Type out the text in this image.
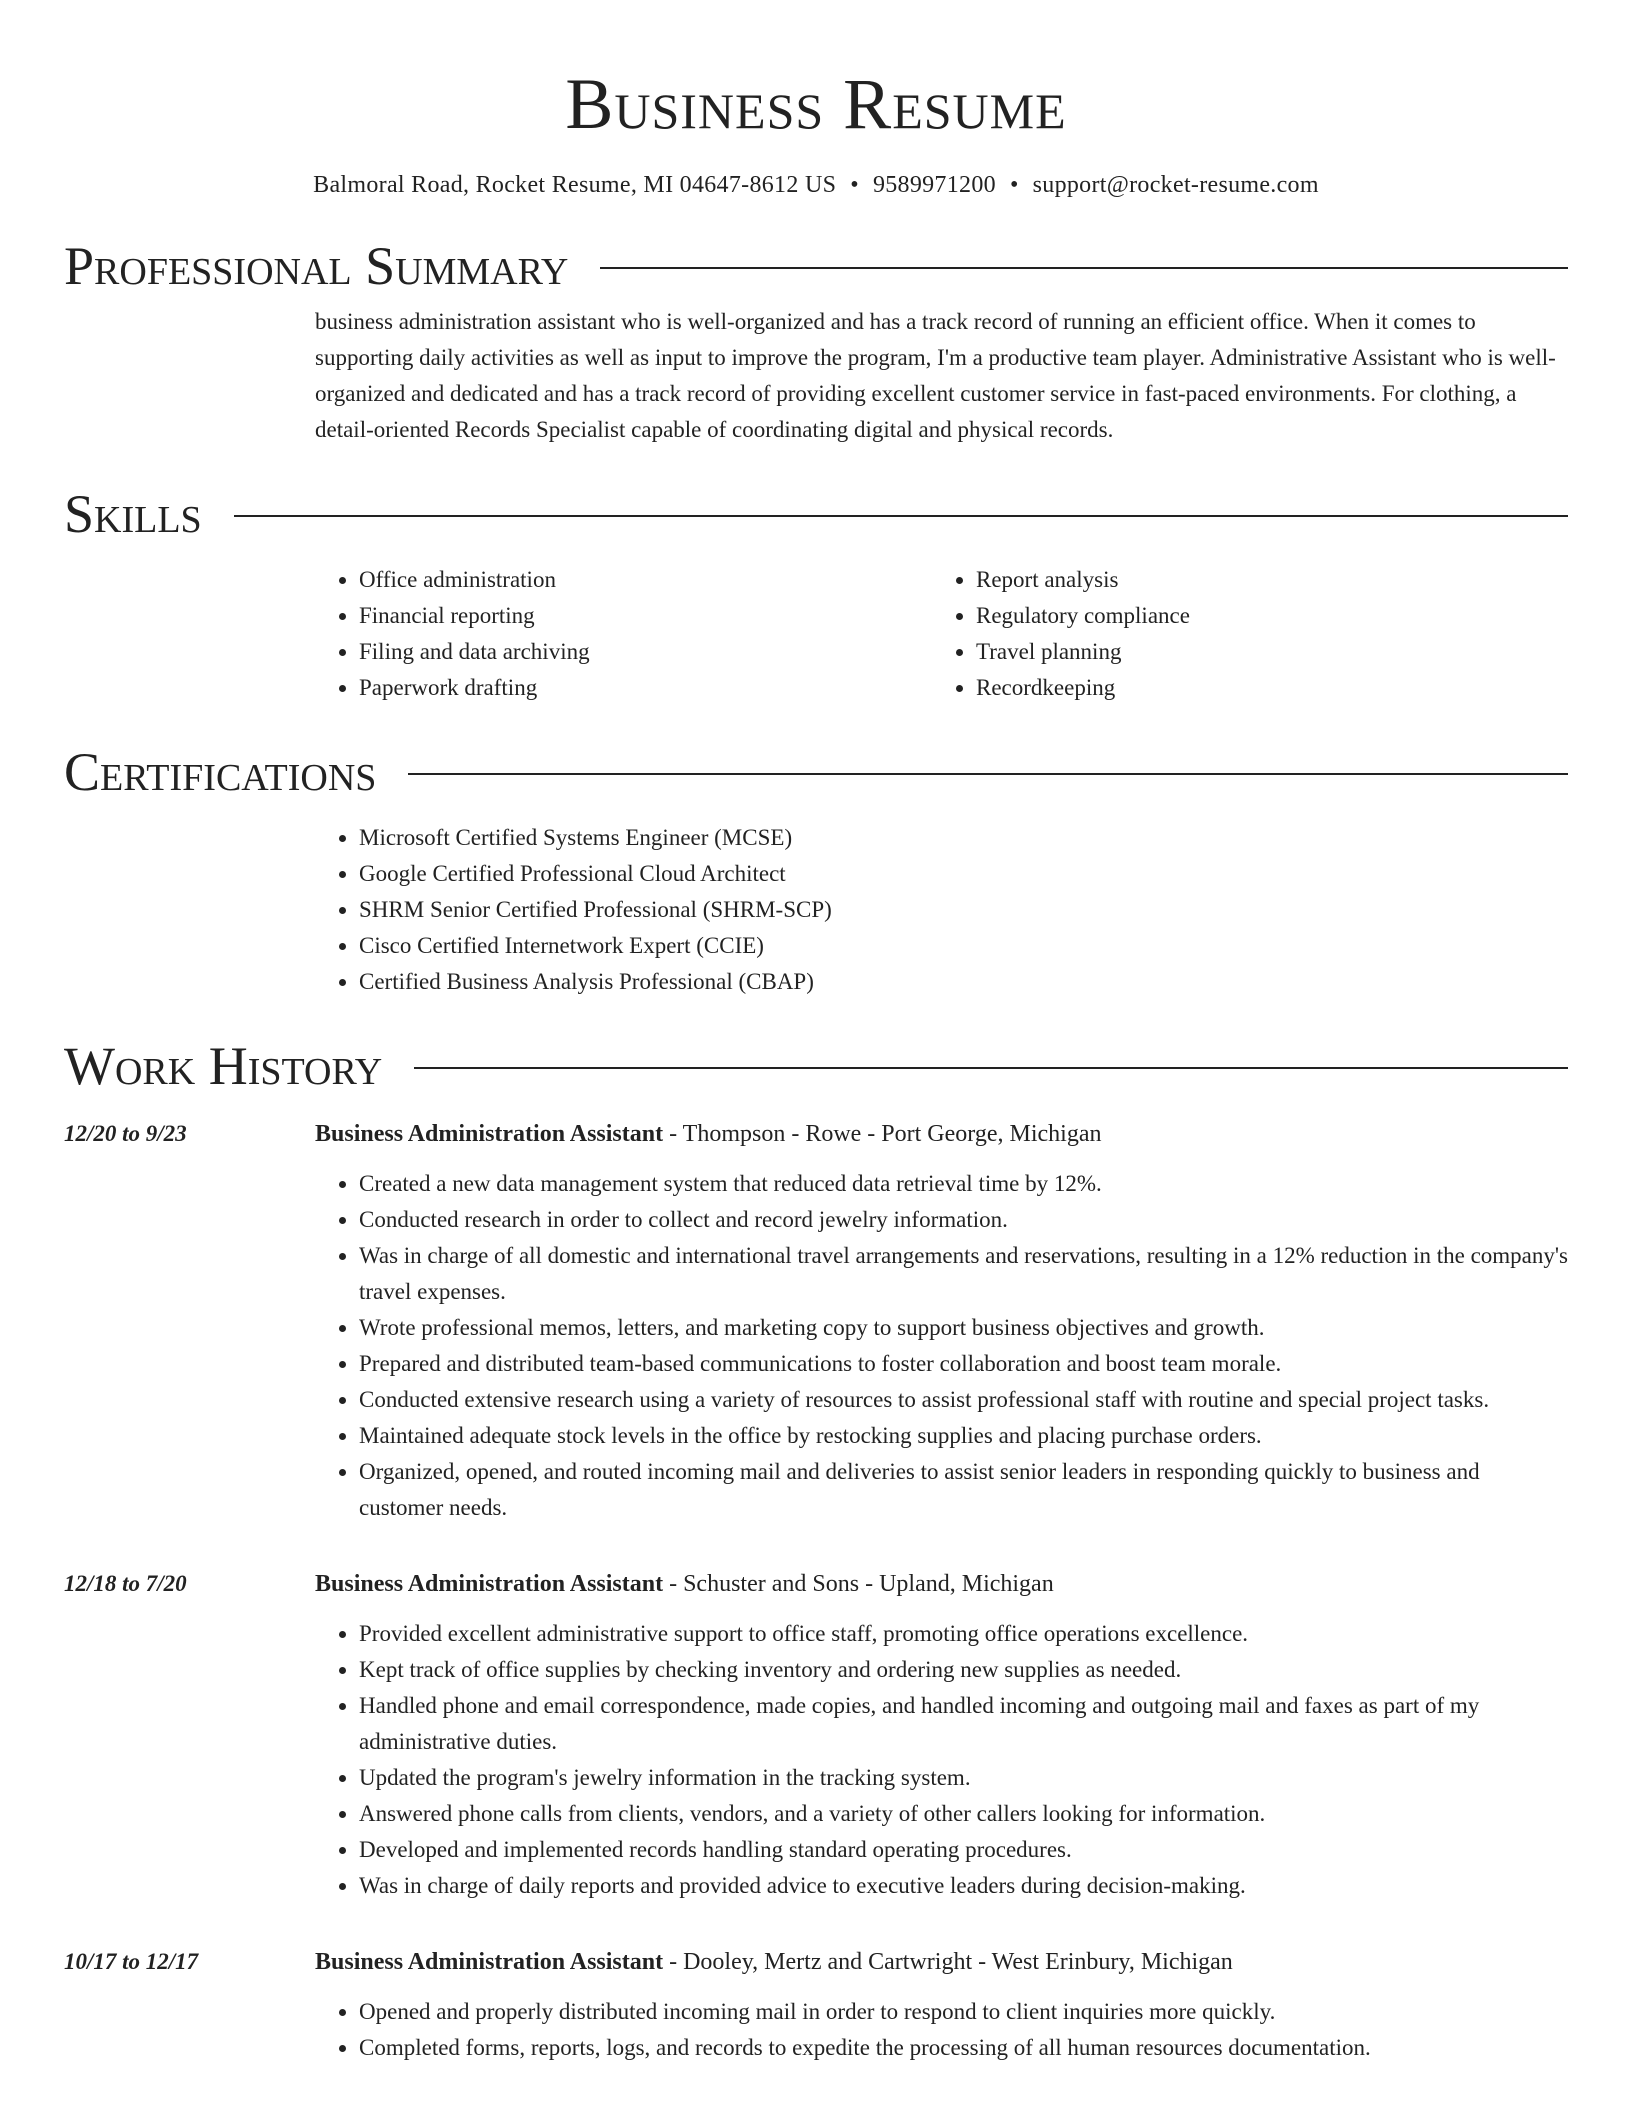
Business Resume
Balmoral Road, Rocket Resume, MI 04647-8612 US • 9589971200 • support@rocket-resume.com
Professional Summary
business administration assistant who is well-organized and has a track record of running an efficient office. When it comes to supporting daily activities as well as input to improve the program, I'm a productive team player. Administrative Assistant who is well-organized and dedicated and has a track record of providing excellent customer service in fast-paced environments. For clothing, a detail-oriented Records Specialist capable of coordinating digital and physical records.
Skills
• Office administration
• Financial reporting
• Filing and data archiving
• Paperwork drafting
• Report analysis
• Regulatory compliance
• Travel planning
• Recordkeeping
Certifications
• Microsoft Certified Systems Engineer (MCSE)
• Google Certified Professional Cloud Architect
• SHRM Senior Certified Professional (SHRM-SCP)
• Cisco Certified Internetwork Expert (CCIE)
• Certified Business Analysis Professional (CBAP)
Work History
12/20 to 9/23	Business Administration Assistant - Thompson - Rowe - Port George, Michigan
• Created a new data management system that reduced data retrieval time by 12%.
• Conducted research in order to collect and record jewelry information.
• Was in charge of all domestic and international travel arrangements and reservations, resulting in a 12% reduction in the company's travel expenses.
• Wrote professional memos, letters, and marketing copy to support business objectives and growth.
• Prepared and distributed team-based communications to foster collaboration and boost team morale.
• Conducted extensive research using a variety of resources to assist professional staff with routine and special project tasks.
• Maintained adequate stock levels in the office by restocking supplies and placing purchase orders.
• Organized, opened, and routed incoming mail and deliveries to assist senior leaders in responding quickly to business and customer needs.
12/18 to 7/20	Business Administration Assistant - Schuster and Sons - Upland, Michigan
• Provided excellent administrative support to office staff, promoting office operations excellence.
• Kept track of office supplies by checking inventory and ordering new supplies as needed.
• Handled phone and email correspondence, made copies, and handled incoming and outgoing mail and faxes as part of my administrative duties.
• Updated the program's jewelry information in the tracking system.
• Answered phone calls from clients, vendors, and a variety of other callers looking for information.
• Developed and implemented records handling standard operating procedures.
• Was in charge of daily reports and provided advice to executive leaders during decision-making.
10/17 to 12/17	Business Administration Assistant - Dooley, Mertz and Cartwright - West Erinbury, Michigan
• Opened and properly distributed incoming mail in order to respond to client inquiries more quickly.
• Completed forms, reports, logs, and records to expedite the processing of all human resources documentation.
